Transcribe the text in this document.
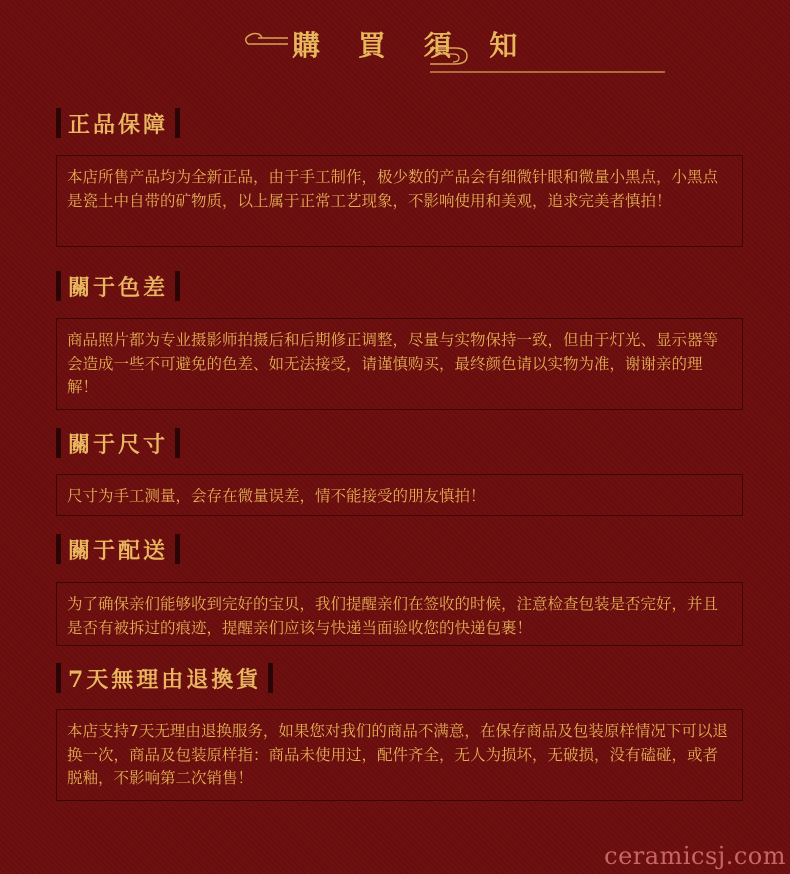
購 買 須 知
正品保障
本店所售产品均为全新正品，由于手工制作，极少数的产品会有细微针眼和微量小黑点，小黑点是瓷土中自带的矿物质，以上属于正常工艺现象，不影响使用和美观，追求完美者慎拍！
關于色差
商品照片都为专业摄影师拍摄后和后期修正调整，尽量与实物保持一致，但由于灯光、显示器等会造成一些不可避免的色差、如无法接受，请谨慎购买，最终颜色请以实物为准，谢谢亲的理解！
關于尺寸
尺寸为手工测量，会存在微量误差，情不能接受的朋友慎拍！
關于配送
为了确保亲们能够收到完好的宝贝，我们提醒亲们在签收的时候，注意检查包装是否完好，并且是否有被拆过的痕迹，提醒亲们应该与快递当面验收您的快递包裹！
7天無理由退換貨
本店支持7天无理由退换服务，如果您对我们的商品不满意，在保存商品及包装原样情况下可以退换一次，商品及包装原样指：商品未使用过，配件齐全，无人为损坏，无破损，没有磕碰，或者脱釉，不影响第二次销售！
ceramicsj.com
